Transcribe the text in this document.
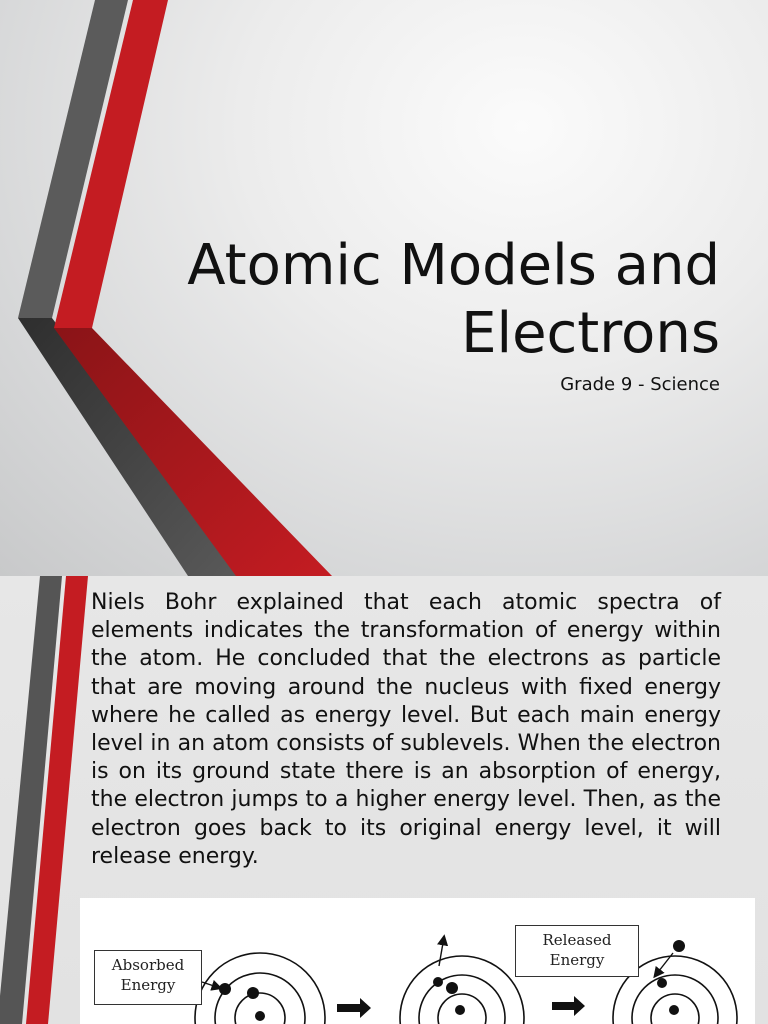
Atomic Models and
Electrons

Grade 9 - Science

Niels Bohr explained that each atomic spectra of elements indicates the transformation of energy within the atom. He concluded that the electrons as particle that are moving around the nucleus with fixed energy where he called as energy level. But each main energy level in an atom consists of sublevels. When the electron is on its ground state there is an absorption of energy, the electron jumps to a higher energy level. Then, as the electron goes back to its original energy level, it will release energy.

Absorbed
Energy
Released
Energy
